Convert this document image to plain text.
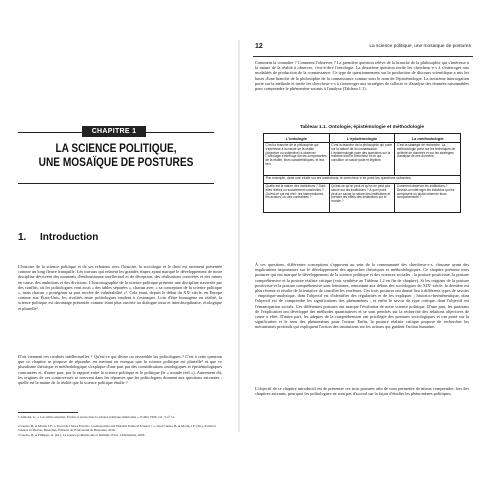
CHAPITRE 1
LA SCIENCE POLITIQUE,
UNE MOSAÏQUE DE POSTURES
1. Introduction

L'histoire de la science politique et de ses relations avec l'histoire, la sociologie et le droit est rarement présentée comme un long fleuve tranquille. Les travaux qui relatent les grandes étapes ayant marqué le développement de notre discipline décrivent des moments d'enthousiasme intellectuel et de déception, des réalisations concrètes et des ruines en cause, des ambitions et des divisions. L'historiographie de la science politique présente une discipline traversée par des conflits, où les politologues vont assis « des tables séparées », chacun avec « sa conception de la science politique », mais chacun « protégeant sa part secrète de vulnérabilité »¹. Cela étant, depuis le début du XXᵉ siècle, en Europe comme aux États-Unis, les rivalités entre politologues tendent à s'estomper. Loin d'être homogène en réalité, la science politique est davantage présentée comme étant plus ouverte au dialogue intra et interdisciplinaire, écologique et plurielle².

D'où viennent ces rivalités intellectuelles ? Qu'est-ce qui divise ou rassemble les politologues ? C'est à cette question que ce chapitre se propose de répondre, en mettant en exergue que la science politique est plurielle³ et que ce pluralisme théorique et méthodologique s'explique d'une part par des considérations ontologiques et épistémologiques contrastées et, d'autre part, par le rapport entre la science politique et le politique (le « monde réel »). Autrement dit, les origines de ces controverses se trouvent dans les réponses que les politologues donnent aux questions suivantes : quelle est la nature de la réalité que la science politique étudie ?

1 Almond, G., « Les tables séparées. Écoles et sectes dans la science politique américaine », Politix 1990, vol. 3, n° 12.

2 Cuesta, B. et Morin, J.F., « Towards a More Eclectic, Cosmopolitan and Pluralist Political Science ? », Anal Cuesta, B. et Morin, J.F. (dir.), Political Science in Motion, Bruxelles, Éditions de l'Université de Bruxelles, 2016.

3 Cuesta, B. et Philippe, O. (éd.), La science politique une et multiple, Paris, L'Harmattan, 2004.

12	La science politique, une mosaïque de postures

Comment la connaître ? Comment l'observer ? La première question relève de la branche de la philosophie qui s'intéresse à la nature de la réalité à observer, c'est-à-dire l'ontologie. La deuxième question invite les chercheur·e·s à s'interroger aux modalités de production de la connaissance. Ce type de questionnement sur la production de discours scientifique a mis les bases d'une branche de la philosophie de la connaissance connue sous le nom de l'épistémologie. La troisième interrogation porte sur la méthode et invite les chercheur·e·s à s'interroger aux stratégies de collecte et d'analyse des données raisonnables pour comprendre le phénomène soumis à l'analyse (Tableau 1.1).

Tableau 1.1. Ontologie, épistémologie et méthodologie
L'ontologie	L'épistémologie	La méthodologie
C'est la branche de la philosophie qui s'intéresse à la nature de la réalité (objective ou subjective) à observer. L'ontologie s'interroge sur les composantes de la réalité, leurs caractéristiques, et leur lien.	C'est la branche de la philosophie qui porte sur la nature de la connaissance. L'épistémologie pose des questions sur la manière dont le chercheur et ce qui constitue un savoir juste et légitime.	C'est la stratégie de recherche. La méthodologie porte sur les techniques de collecte de données et sur les stratégies d'analyse de ces données.
Par exemple, dans une étude sur les institutions, le chercheur·e se pose les questions suivantes :		
Quelle est la nature des institutions ? Sont-elles réelles ou socialement construites ? Qu'est-ce qui est réel : les intermédiaires, les acteurs, ou des contraintes ?	Qu'est-ce qu'on peut et qu'on ne peut pas savoir sur les institutions ? À quel point peut-on savoir la nature des institutions et prendre les effets des institutions sur le monde ?	Comment observer les institutions ? Devrait-on interroger les individus qui les composent ou plutôt observer leurs comportements ?

À ces questions, différentes conceptions s'opposent au sein de la communauté des chercheur·e·s, chacune ayant des implications importantes sur le développement des approches théoriques et méthodologiques. Ce chapitre présente trois postures qui ont marqué le développement de la science politique et des sciences sociales : la posture positiviste, la posture compréhensive et la posture réaliste critique (voir synthèse au Tableau 1.2 en fin de chapitre). Si les origines de la posture positiviste et la posture compréhensive sont lointaines, remontant aux débats des sociologues du XIXᵉ siècle, la dernière est plus récente et résulte de la tentative de concilier les extrêmes. Ces trois postures ont donné lieu à différents types de savoirs : empirique-analytique, dont l'objectif est d'identifier des régularités et de les expliquer ; historico-herméneutique, dont l'objectif est de comprendre les significations des phénomènes ; et enfin le savoir de type critique, dont l'objectif est l'émancipation sociale. Ces différentes postures ont marqué l'évolution de notre science politique. D'une part, les partisans de l'explication ont développé des méthodes quantitatives et se sont penchés sur la recherche des relations objectives de cause à effet. D'autre part, les adeptes de la compréhension ont privilégié des postures sociologiques et ont porté sur la signification et le sens des phénomènes pour l'acteur. Enfin, la posture réaliste critique propose de rechercher les mécanismes profonds qui expliquent l'action des institutions sur les actions qui guident l'action humaine.

L'objectif de ce chapitre introductif est de présenter ces trois postures afin de vous permettre de mieux comprendre, lors des chapitres suivants, pourquoi les politologues ne sont pas d'accord sur la façon d'étudier les phénomènes politiques.
